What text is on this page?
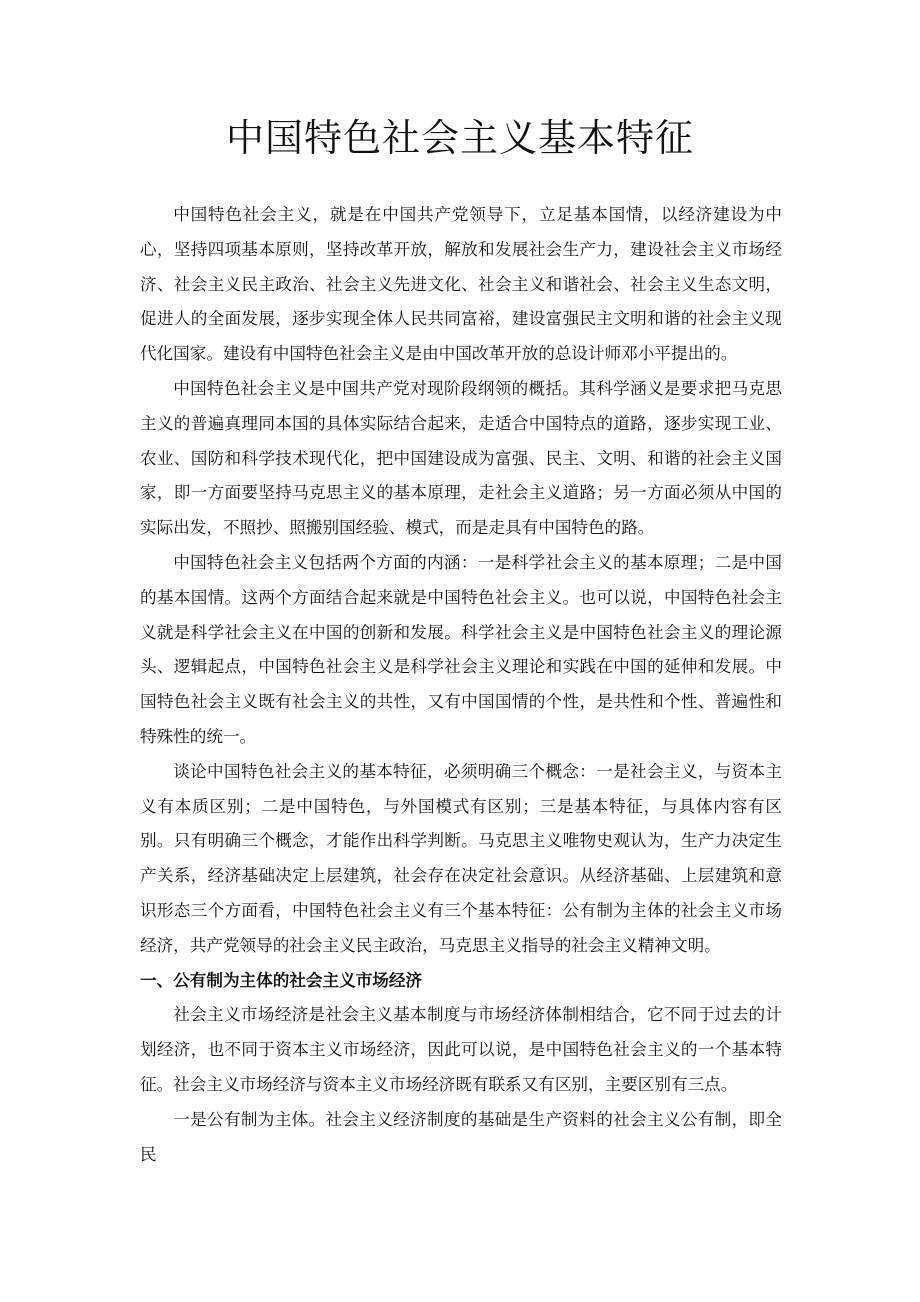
中国特色社会主义基本特征

中国特色社会主义，就是在中国共产党领导下，立足基本国情，以经济建设为中心，坚持四项基本原则，坚持改革开放，解放和发展社会生产力，建设社会主义市场经济、社会主义民主政治、社会主义先进文化、社会主义和谐社会、社会主义生态文明，促进人的全面发展，逐步实现全体人民共同富裕，建设富强民主文明和谐的社会主义现代化国家。建设有中国特色社会主义是由中国改革开放的总设计师邓小平提出的。

中国特色社会主义是中国共产党对现阶段纲领的概括。其科学涵义是要求把马克思主义的普遍真理同本国的具体实际结合起来，走适合中国特点的道路，逐步实现工业、农业、国防和科学技术现代化，把中国建设成为富强、民主、文明、和谐的社会主义国家，即一方面要坚持马克思主义的基本原理，走社会主义道路；另一方面必须从中国的实际出发，不照抄、照搬别国经验、模式，而是走具有中国特色的路。

中国特色社会主义包括两个方面的内涵：一是科学社会主义的基本原理；二是中国的基本国情。这两个方面结合起来就是中国特色社会主义。也可以说，中国特色社会主义就是科学社会主义在中国的创新和发展。科学社会主义是中国特色社会主义的理论源头、逻辑起点，中国特色社会主义是科学社会主义理论和实践在中国的延伸和发展。中国特色社会主义既有社会主义的共性，又有中国国情的个性，是共性和个性、普遍性和特殊性的统一。

谈论中国特色社会主义的基本特征，必须明确三个概念：一是社会主义，与资本主义有本质区别；二是中国特色，与外国模式有区别；三是基本特征，与具体内容有区别。只有明确三个概念，才能作出科学判断。马克思主义唯物史观认为，生产力决定生产关系，经济基础决定上层建筑，社会存在决定社会意识。从经济基础、上层建筑和意识形态三个方面看，中国特色社会主义有三个基本特征：公有制为主体的社会主义市场经济，共产党领导的社会主义民主政治，马克思主义指导的社会主义精神文明。

一、公有制为主体的社会主义市场经济

社会主义市场经济是社会主义基本制度与市场经济体制相结合，它不同于过去的计划经济，也不同于资本主义市场经济，因此可以说，是中国特色社会主义的一个基本特征。社会主义市场经济与资本主义市场经济既有联系又有区别，主要区别有三点。

一是公有制为主体。社会主义经济制度的基础是生产资料的社会主义公有制，即全民
